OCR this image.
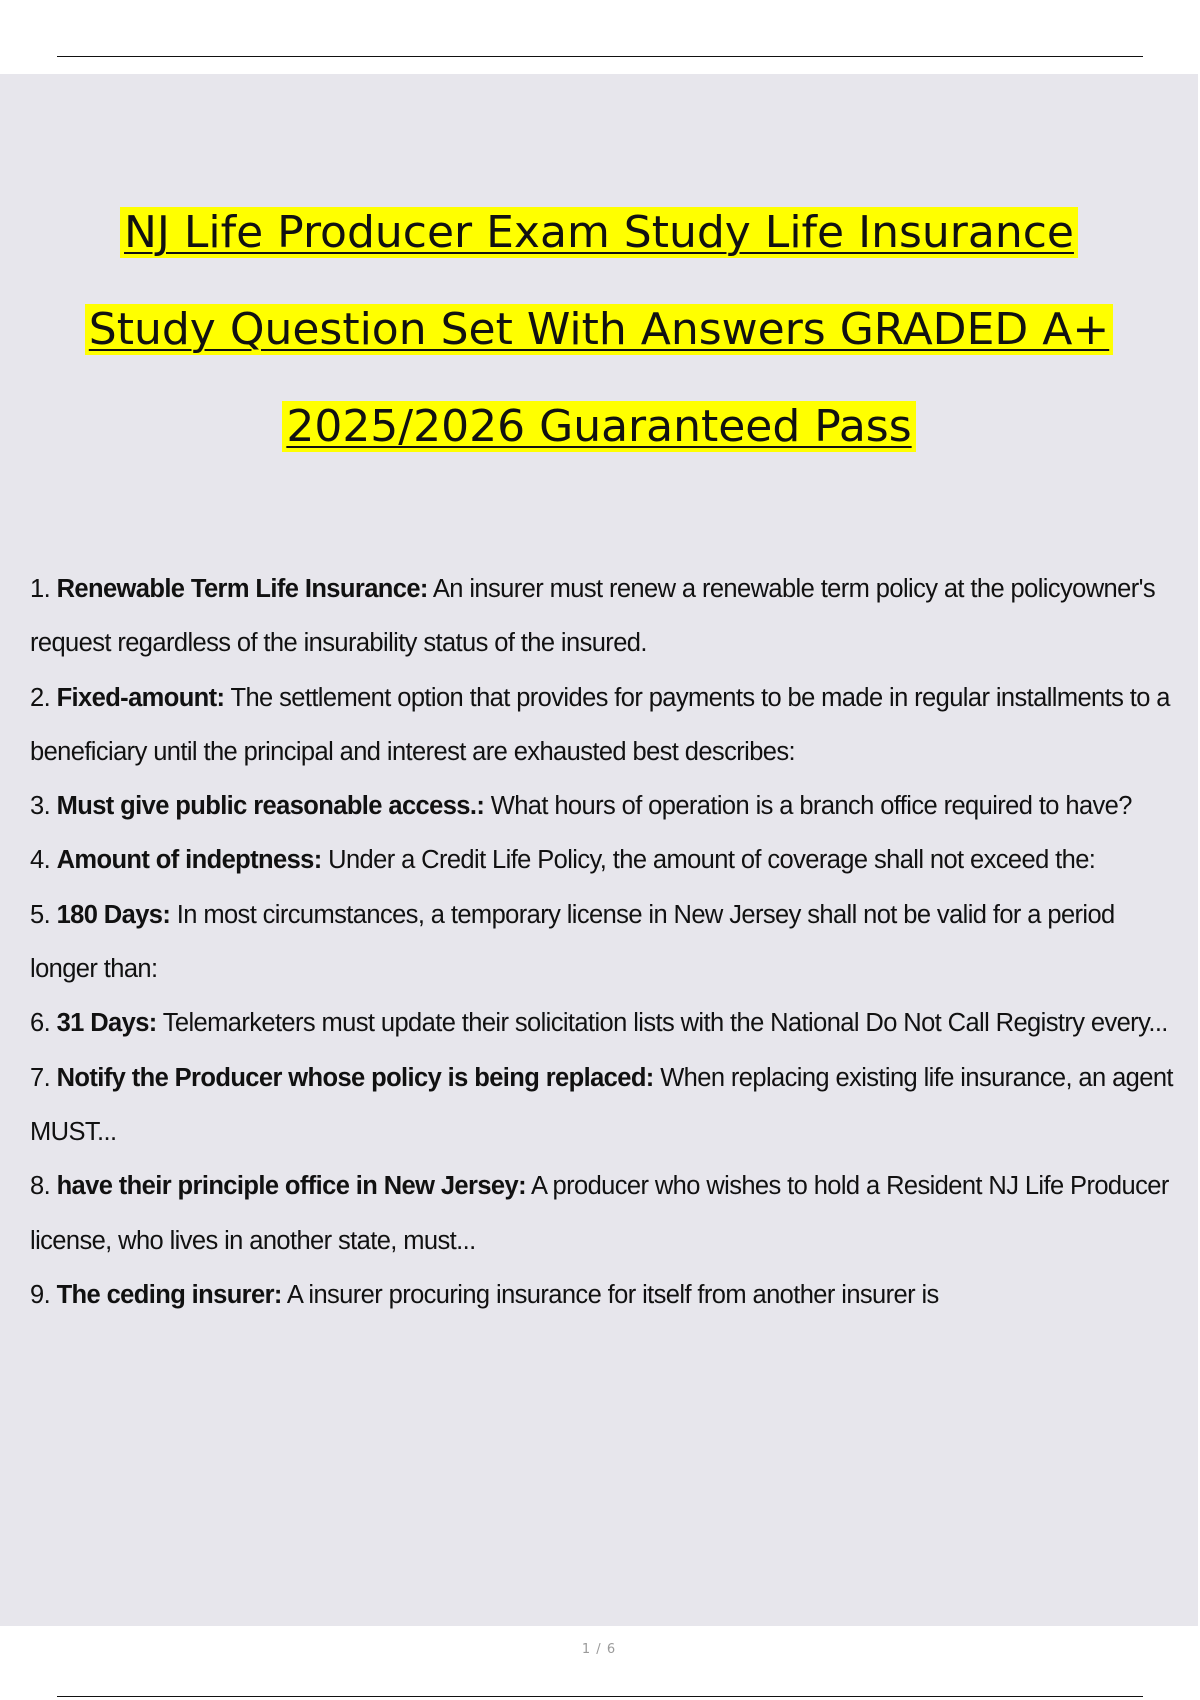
NJ Life Producer Exam Study Life Insurance
Study Question Set With Answers GRADED A+
2025/2026 Guaranteed Pass

1. Renewable Term Life Insurance: An insurer must renew a renewable term policy at the policyowner's request regardless of the insurability status of the insured.

2. Fixed-amount: The settlement option that provides for payments to be made in regular installments to a beneficiary until the principal and interest are exhausted best describes:

3. Must give public reasonable access.: What hours of operation is a branch office required to have?

4. Amount of indeptness: Under a Credit Life Policy, the amount of coverage shall not exceed the:

5. 180 Days: In most circumstances, a temporary license in New Jersey shall not be valid for a period longer than:

6. 31 Days: Telemarketers must update their solicitation lists with the National Do Not Call Registry every...

7. Notify the Producer whose policy is being replaced: When replacing existing life insurance, an agent MUST...

8. have their principle office in New Jersey: A producer who wishes to hold a Resident NJ Life Producer license, who lives in another state, must...

9. The ceding insurer: A insurer procuring insurance for itself from another insurer is

1 / 6
